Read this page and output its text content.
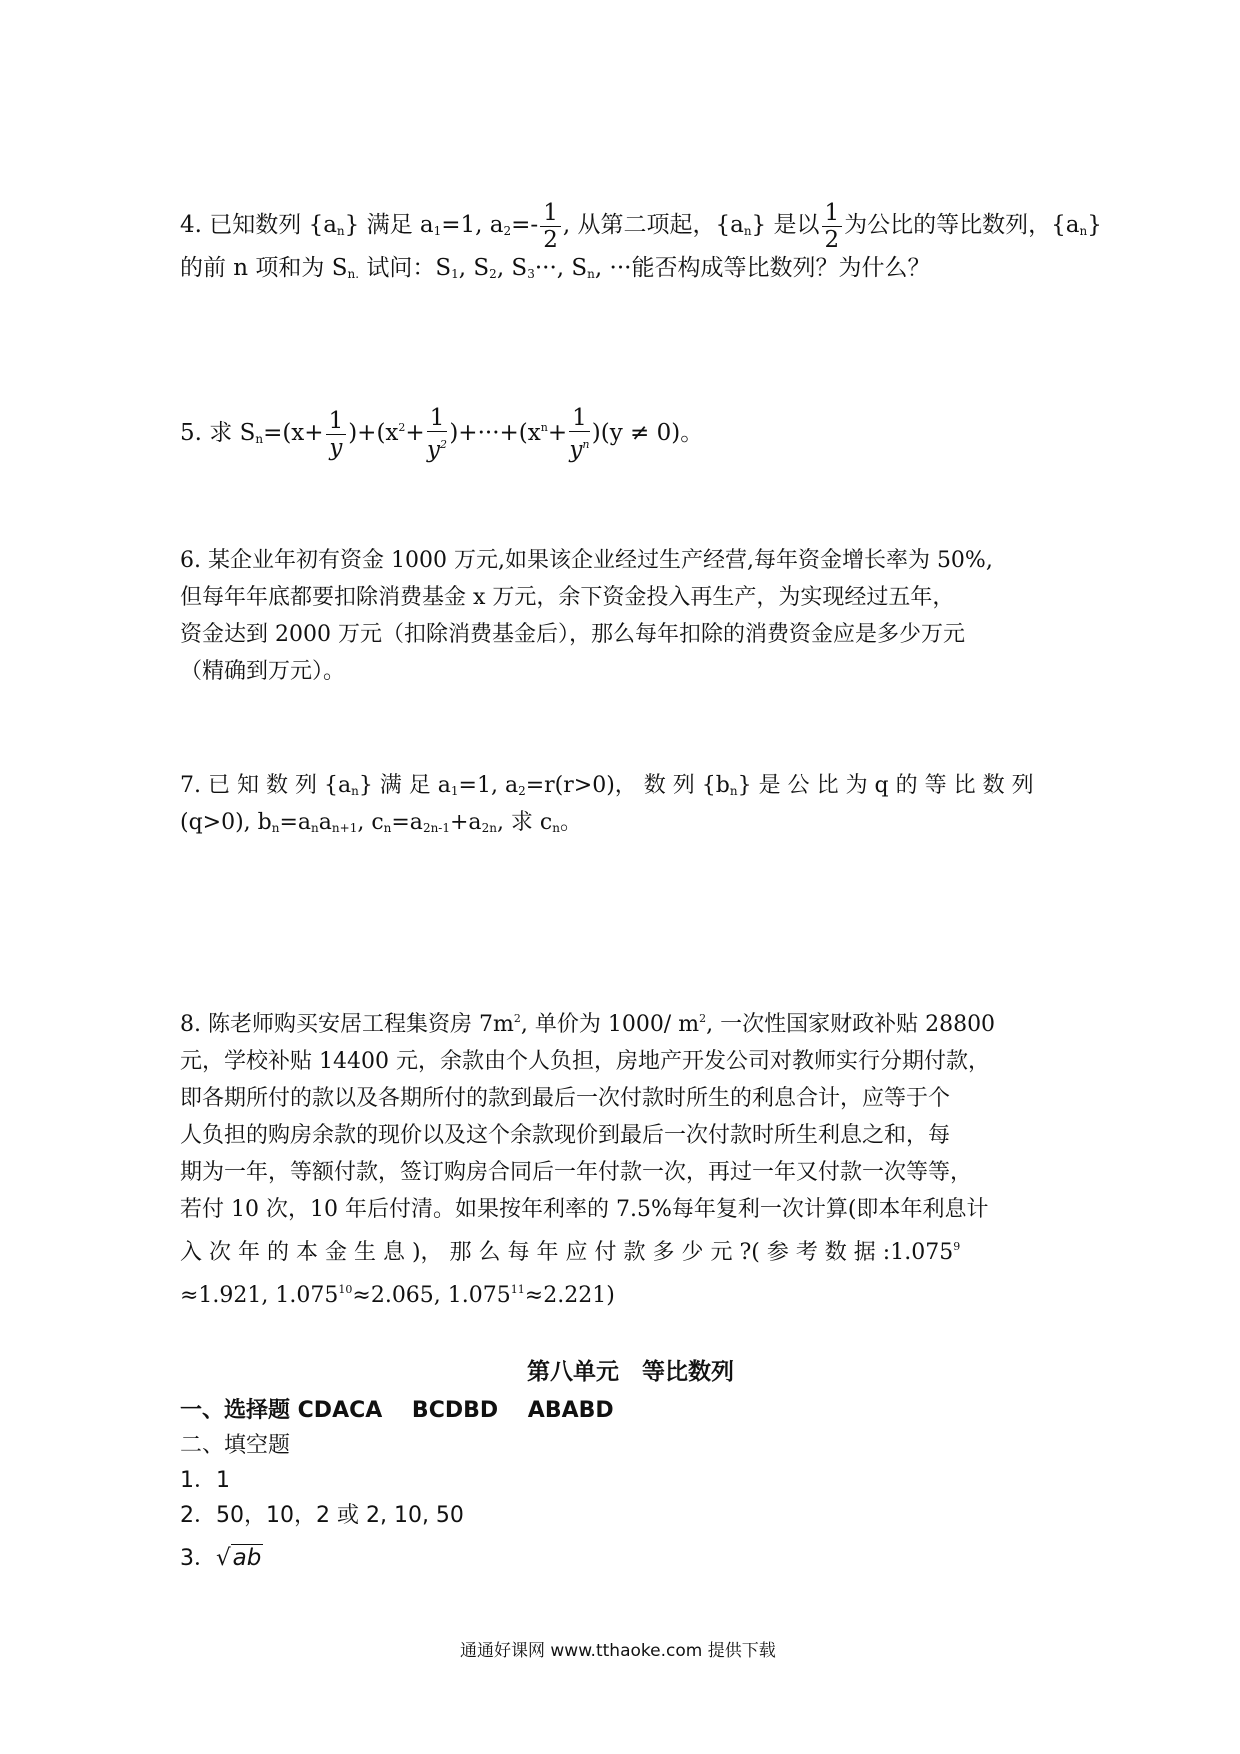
4. 已知数列 $\{a_n\}$ 满足 $a_1=1$, $a_2=- \frac{1}{2}$ , 从第二项起，$\{a_n\}$ 是以 $\frac{1}{2}$ 为公比的等比数列，$\{a_n\}$
的前 n 项和为 $S_{n.}$ 试问：$S_1$, $S_2$, $S_3\cdot\cdot\cdot$, $S_n$, ···能否构成等比数列？为什么？
5. 求 $S_n=(x+ \frac{1}{y} )+(x^2+ \frac{1}{y^2} )+\cdot\cdot\cdot+(x^n+ \frac{1}{y^n} )(y \ne 0)$。
6. 某企业年初有资金 1000 万元,如果该企业经过生产经营,每年资金增长率为 50%,
但每年年底都要扣除消费基金 x 万元，余下资金投入再生产，为实现经过五年，
资金达到 2000 万元（扣除消费基金后），那么每年扣除的消费资金应是多少万元
（精确到万元）。
7. 已 知 数 列 $\{a_n\}$ 满 足 $a_1=1$, $a_2=r(r>0)$， 数 列 $\{b_n\}$ 是 公 比 为 q 的 等 比 数 列
(q>0), $b_n=a_na_{n+1}$, $c_n=a_{2n-1}+a_{2n}$, 求 $c_n$。
8. 陈老师购买安居工程集资房 $7m^2$, 单价为 1000/ $m^2$, 一次性国家财政补贴 28800
元，学校补贴 14400 元，余款由个人负担，房地产开发公司对教师实行分期付款，
即各期所付的款以及各期所付的款到最后一次付款时所生的利息合计，应等于个
人负担的购房余款的现价以及这个余款现价到最后一次付款时所生利息之和，每
期为一年，等额付款，签订购房合同后一年付款一次，再过一年又付款一次等等，
若付 10 次，10 年后付清。如果按年利率的 7.5%每年复利一次计算(即本年利息计
入 次 年 的 本 金 生 息 )， 那 么 每 年 应 付 款 多 少 元 ?( 参 考 数 据 $:1.075^9$
≈1.921, $1.075^{10}\approx 2.065$, $1.075^{11}\approx 2.221$)
第八单元　等比数列
一、选择题 CDACA　 BCDBD　 ABABD
二、填空题
1．1
2．50，10，2 或 2, 10, 50
3．√ab
通通好课网 www.tthaoke.com 提供下载
